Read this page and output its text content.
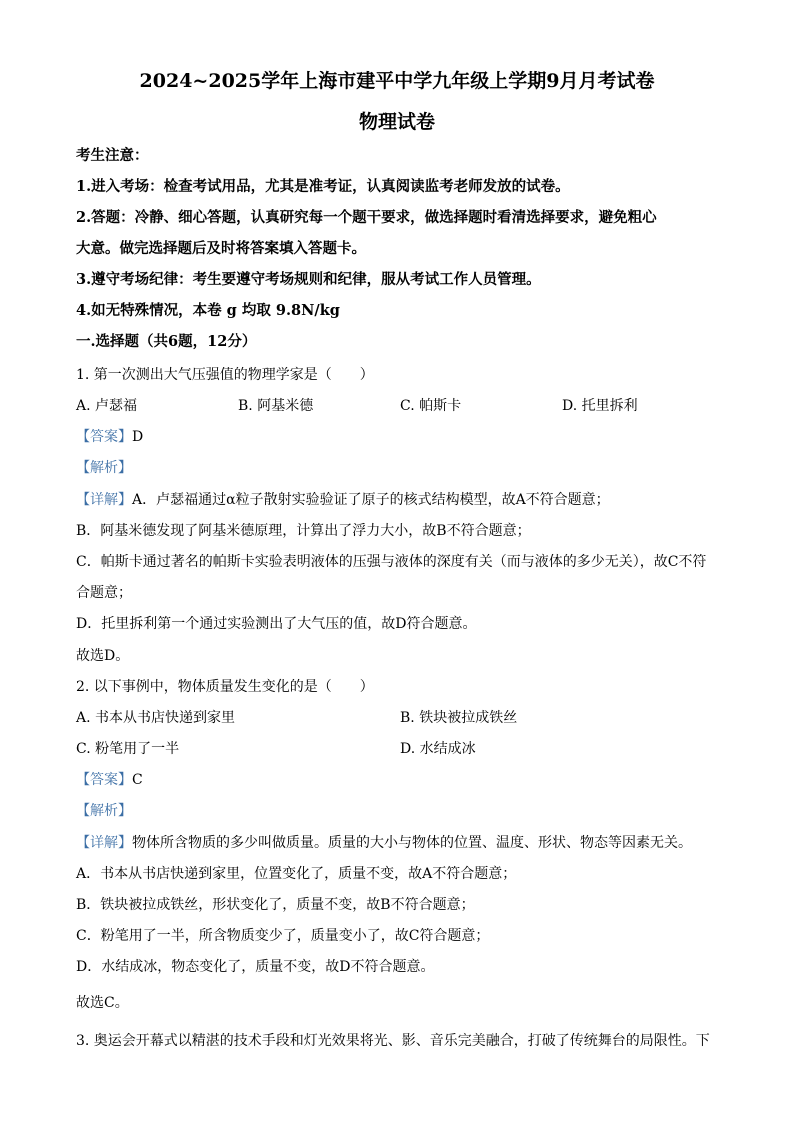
2024~2025学年上海市建平中学九年级上学期9月月考试卷
物理试卷
考生注意：
1.进入考场：检查考试用品，尤其是准考证，认真阅读监考老师发放的试卷。
2.答题：冷静、细心答题，认真研究每一个题干要求，做选择题时看清选择要求，避免粗心
大意。做完选择题后及时将答案填入答题卡。
3.遵守考场纪律：考生要遵守考场规则和纪律，服从考试工作人员管理。
4.如无特殊情况，本卷 g 均取 9.8N/kg
一.选择题（共6题，12分）
1. 第一次测出大气压强值的物理学家是（　　）
A. 卢瑟福	B. 阿基米德	C. 帕斯卡	D. 托里拆利
【答案】D
【解析】
【详解】A．卢瑟福通过α粒子散射实验验证了原子的核式结构模型，故A不符合题意；
B．阿基米德发现了阿基米德原理，计算出了浮力大小，故B不符合题意；
C．帕斯卡通过著名的帕斯卡实验表明液体的压强与液体的深度有关（而与液体的多少无关），故C不符
合题意；
D．托里拆利第一个通过实验测出了大气压的值，故D符合题意。
故选D。
2. 以下事例中，物体质量发生变化的是（　　）
A. 书本从书店快递到家里	B. 铁块被拉成铁丝
C. 粉笔用了一半	D. 水结成冰
【答案】C
【解析】
【详解】物体所含物质的多少叫做质量。质量的大小与物体的位置、温度、形状、物态等因素无关。
A．书本从书店快递到家里，位置变化了，质量不变，故A不符合题意；
B．铁块被拉成铁丝，形状变化了，质量不变，故B不符合题意；
C．粉笔用了一半，所含物质变少了，质量变小了，故C符合题意；
D．水结成冰，物态变化了，质量不变，故D不符合题意。
故选C。
3. 奥运会开幕式以精湛的技术手段和灯光效果将光、影、音乐完美融合，打破了传统舞台的局限性。下
